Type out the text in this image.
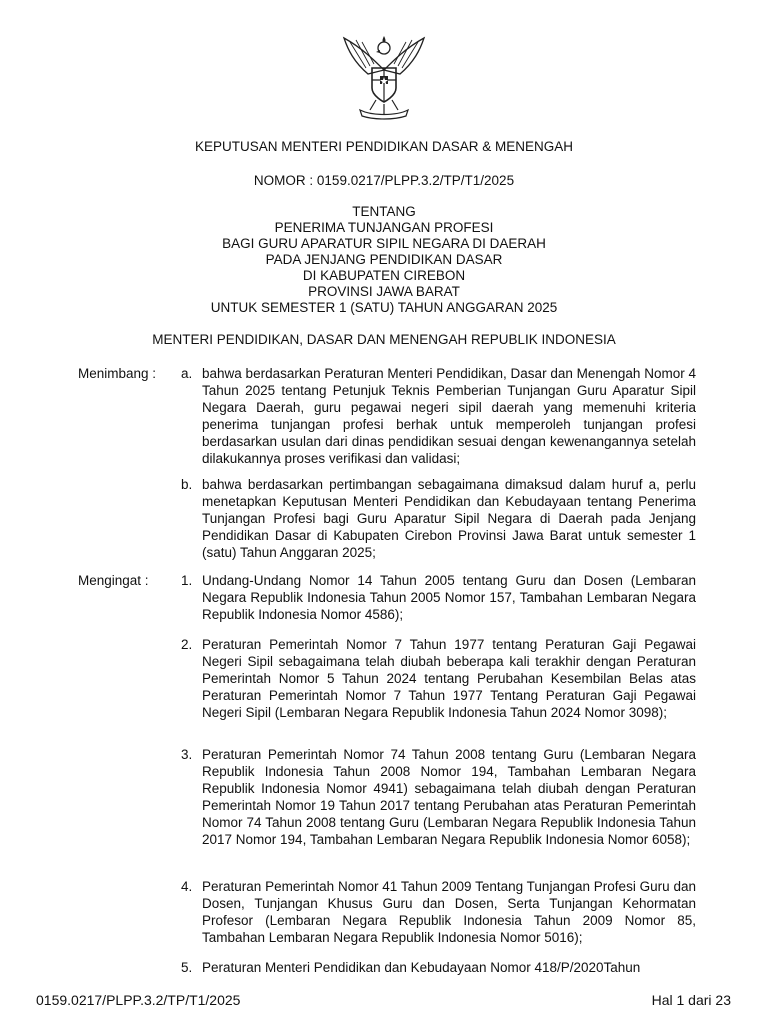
KEPUTUSAN MENTERI PENDIDIKAN DASAR & MENENGAH
NOMOR : 0159.0217/PLPP.3.2/TP/T1/2025
TENTANG
PENERIMA TUNJANGAN PROFESI
BAGI GURU APARATUR SIPIL NEGARA DI DAERAH
PADA JENJANG PENDIDIKAN DASAR
DI KABUPATEN CIREBON
PROVINSI JAWA BARAT
UNTUK SEMESTER 1 (SATU) TAHUN ANGGARAN 2025
MENTERI PENDIDIKAN, DASAR DAN MENENGAH REPUBLIK INDONESIA
Menimbang : a. bahwa berdasarkan Peraturan Menteri Pendidikan, Dasar dan Menengah Nomor 4 Tahun 2025 tentang Petunjuk Teknis Pemberian Tunjangan Guru Aparatur Sipil Negara Daerah, guru pegawai negeri sipil daerah yang memenuhi kriteria penerima tunjangan profesi berhak untuk memperoleh tunjangan profesi berdasarkan usulan dari dinas pendidikan sesuai dengan kewenangannya setelah dilakukannya proses verifikasi dan validasi;
b. bahwa berdasarkan pertimbangan sebagaimana dimaksud dalam huruf a, perlu menetapkan Keputusan Menteri Pendidikan dan Kebudayaan tentang Penerima Tunjangan Profesi bagi Guru Aparatur Sipil Negara di Daerah pada Jenjang Pendidikan Dasar di Kabupaten Cirebon Provinsi Jawa Barat untuk semester 1 (satu) Tahun Anggaran 2025;
Mengingat : 1. Undang-Undang Nomor 14 Tahun 2005 tentang Guru dan Dosen (Lembaran Negara Republik Indonesia Tahun 2005 Nomor 157, Tambahan Lembaran Negara Republik Indonesia Nomor 4586);
2. Peraturan Pemerintah Nomor 7 Tahun 1977 tentang Peraturan Gaji Pegawai Negeri Sipil sebagaimana telah diubah beberapa kali terakhir dengan Peraturan Pemerintah Nomor 5 Tahun 2024 tentang Perubahan Kesembilan Belas atas Peraturan Pemerintah Nomor 7 Tahun 1977 Tentang Peraturan Gaji Pegawai Negeri Sipil (Lembaran Negara Republik Indonesia Tahun 2024 Nomor 3098);
3. Peraturan Pemerintah Nomor 74 Tahun 2008 tentang Guru (Lembaran Negara Republik Indonesia Tahun 2008 Nomor 194, Tambahan Lembaran Negara Republik Indonesia Nomor 4941) sebagaimana telah diubah dengan Peraturan Pemerintah Nomor 19 Tahun 2017 tentang Perubahan atas Peraturan Pemerintah Nomor 74 Tahun 2008 tentang Guru (Lembaran Negara Republik Indonesia Tahun 2017 Nomor 194, Tambahan Lembaran Negara Republik Indonesia Nomor 6058);
4. Peraturan Pemerintah Nomor 41 Tahun 2009 Tentang Tunjangan Profesi Guru dan Dosen, Tunjangan Khusus Guru dan Dosen, Serta Tunjangan Kehormatan Profesor (Lembaran Negara Republik Indonesia Tahun 2009 Nomor 85, Tambahan Lembaran Negara Republik Indonesia Nomor 5016);
5. Peraturan Menteri Pendidikan dan Kebudayaan Nomor 418/P/2020Tahun
0159.0217/PLPP.3.2/TP/T1/2025	Hal 1 dari 23
